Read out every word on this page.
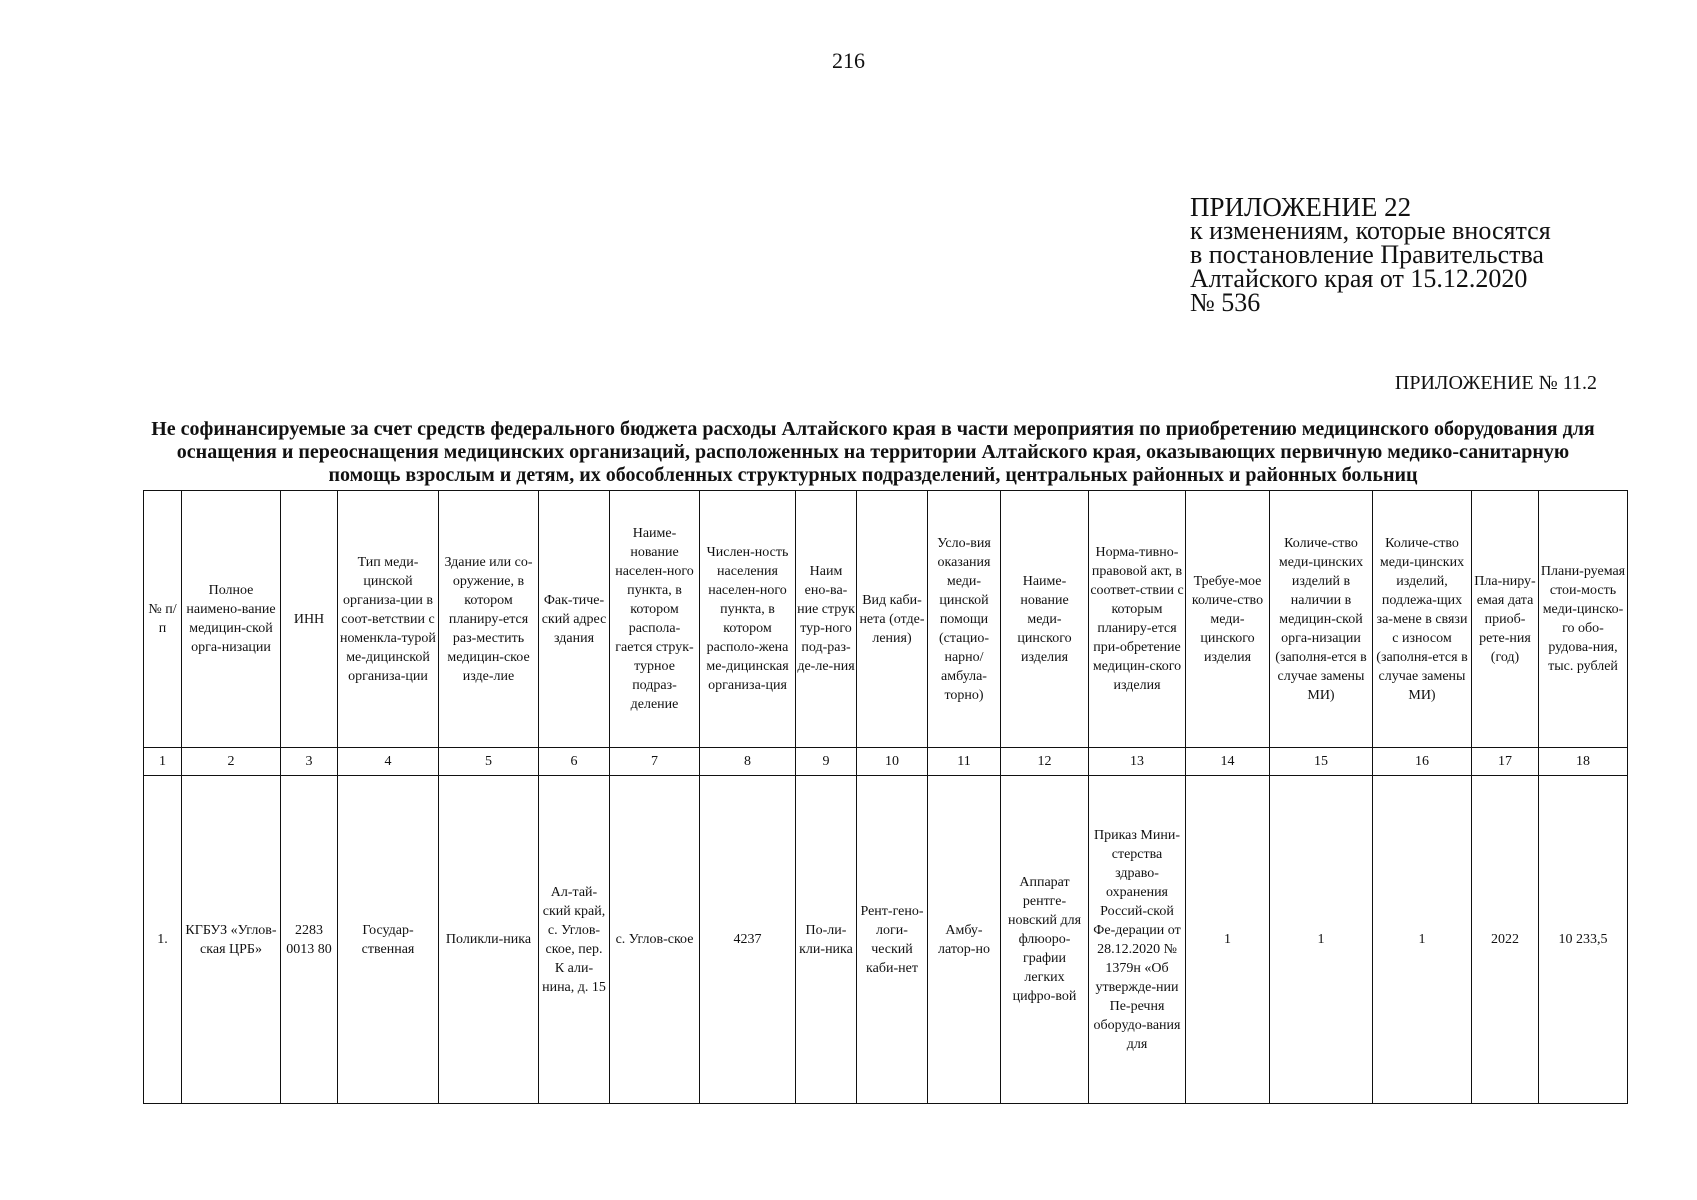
216
ПРИЛОЖЕНИЕ 22
к изменениям, которые вносятся
в постановление Правительства
Алтайского края от 15.12.2020
№ 536
ПРИЛОЖЕНИЕ № 11.2
Не софинансируемые за счет средств федерального бюджета расходы Алтайского края в части мероприятия по приобретению медицинского оборудования для оснащения и переоснащения медицинских организаций, расположенных на территории Алтайского края, оказывающих первичную медико-санитарную помощь взрослым и детям, их обособленных структурных подразделений, центральных районных и районных больниц
№ п/ п	Полное наимено-вание медицин-ской орга-низации	ИНН	Тип меди-цинской организа-ции в соот-ветствии с номенкла-турой ме-дицинской организа-ции	Здание или со-оружение, в котором планиру-ется раз-местить медицин-ское изде-лие	Фак-тиче-ский адрес здания	Наиме-нование населен-ного пункта, в котором распола-гается струк-турное подраз-деление	Числен-ность населения населен-ного пункта, в котором располо-жена ме-дицинская организа-ция	Наим ено-ва-ние струк тур-ного под-раз-де-ле-ния	Вид каби-нета (отде-ления)	Усло-вия оказания меди-цинской помощи (стацио-нарно/ амбула-торно)	Наиме-нование меди-цинского изделия	Норма-тивно-правовой акт, в соответ-ствии с которым планиру-ется при-обретение медицин-ского изделия	Требуе-мое количе-ство меди-цинского изделия	Количе-ство меди-цинских изделий в наличии в медицин-ской орга-низации (заполня-ется в случае замены МИ)	Количе-ство меди-цинских изделий, подлежа-щих за-мене в связи с износом (заполня-ется в случае замены МИ)	Пла-ниру-емая дата приоб-рете-ния (год)	Плани-руемая стои-мость меди-цинско-го обо-рудова-ния, тыс. рублей
1	2	3	4	5	6	7	8	9	10	11	12	13	14	15	16	17	18
1.	КГБУЗ «Углов-ская ЦРБ»	2283 0013 80	Государ-ственная	Поликли-ника	Ал-тай-ский край, с. Углов-ское, пер. К али-нина, д. 15	с. Углов-ское	4237	По-ли-кли-ника	Рент-гено-логи-ческий каби-нет	Амбу-латор-но	Аппарат рентге-новский для флюоро-графии легких цифро-вой	Приказ Мини-стерства здраво-охранения Россий-ской Фе-дерации от 28.12.2020 № 1379н «Об утвержде-нии Пе-речня оборудо-вания для	1	1	1	2022	10 233,5
